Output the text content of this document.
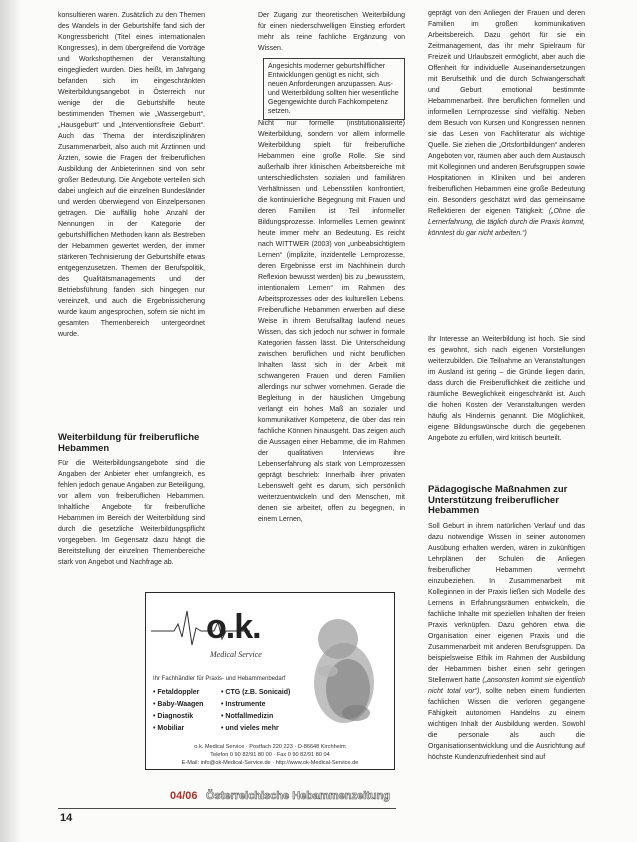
konsultieren waren. Zusätzlich zu den Themen des Wandels in der Geburtshilfe fand sich der Kongressbericht (Titel eines internationalen Kongresses), in dem übergreifend die Vorträge und Workshopthemen der Veranstaltung eingegliedert wurden. Dies heißt, im Jahrgang befanden sich im eingeschränkten Weiterbildungsangebot in Österreich nur wenige der die Geburtshilfe heute bestimmenden Themen wie „Wassergeburt“, „Hausgeburt“ und „Interventionsfreie Geburt“. Auch das Thema der interdisziplinären Zusammenarbeit, also auch mit Ärztinnen und Ärzten, sowie die Fragen der freiberuflichen Ausbildung der Anbieterinnen sind von sehr großer Bedeutung. Die Angebote verteilen sich dabei ungleich auf die einzelnen Bundesländer und werden überwiegend von Einzelpersonen getragen. Die auffällig hohe Anzahl der Nennungen in der Kategorie der geburtshilflichen Methoden kann als Bestreben der Hebammen gewertet werden, der immer stärkeren Technisierung der Geburtshilfe etwas entgegenzusetzen. Themen der Berufspolitik, des Qualitätsmanagements und der Betriebsführung fanden sich hingegen nur vereinzelt, und auch die Ergebnissicherung wurde kaum angesprochen, sofern sie nicht im gesamten Themenbereich untergeordnet wurde.

Weiterbildung für freiberufliche Hebammen

Für die Weiterbildungsangebote sind die Angaben der Anbieter eher umfangreich, es fehlen jedoch genaue Angaben zur Beteiligung, vor allem von freiberuflichen Hebammen. Inhaltliche Angebote für freiberufliche Hebammen im Bereich der Weiterbildung sind durch die gesetzliche Weiterbildungspflicht vorgegeben. Im Gegensatz dazu hängt die Bereitstellung der einzelnen Themenbereiche stark von Angebot und Nachfrage ab.

Der Zugang zur theoretischen Weiterbildung für einen niederschwelligen Einstieg erfordert mehr als reine fachliche Ergänzung von Wissen.

Angesichts moderner geburtshilflicher Entwicklungen genügt es nicht, sich neuen Anforderungen anzupassen. Aus- und Weiterbildung sollten hier wesentliche Gegengewichte durch Fachkompetenz setzen.

Nicht nur formelle (institutionalisierte) Weiterbildung, sondern vor allem informelle Weiterbildung spielt für freiberufliche Hebammen eine große Rolle. Sie sind außerhalb ihrer klinischen Arbeitsbereiche mit unterschiedlichsten sozialen und familiären Verhältnissen und Lebensstilen konfrontiert, die kontinuierliche Begegnung mit Frauen und deren Familien ist Teil informeller Bildungsprozesse. Informelles Lernen gewinnt heute immer mehr an Bedeutung. Es reicht nach WITTWER (2003) von „unbeabsichtigtem Lernen“ (implizite, inzidentelle Lernprozesse, deren Ergebnisse erst im Nachhinein durch Reflexion bewusst werden) bis zu „bewusstem, intentionalem Lernen“ im Rahmen des Arbeitsprozesses oder des kulturellen Lebens. Freiberufliche Hebammen erwerben auf diese Weise in ihrem Berufsalltag laufend neues Wissen, das sich jedoch nur schwer in formale Kategorien fassen lässt. Die Unterscheidung zwischen beruflichen und nicht beruflichen Inhalten lässt sich in der Arbeit mit schwangeren Frauen und deren Familien allerdings nur schwer vornehmen. Gerade die Begleitung in der häuslichen Umgebung verlangt ein hohes Maß an sozialer und kommunikativer Kompetenz, die über das rein fachliche Können hinausgeht. Das zeigen auch die Aussagen einer Hebamme, die im Rahmen der qualitativen Interviews ihre Lebenserfahrung als stark von Lernprozessen geprägt beschrieb: Innerhalb ihrer privaten Lebenswelt geht es darum, sich persönlich weiterzuentwickeln und den Menschen, mit denen sie arbeitet, offen zu begegnen, in einem Lernen,

geprägt von den Anliegen der Frauen und deren Familien im großen kommunikativen Arbeitsbereich. Dazu gehört für sie ein Zeitmanagement, das ihr mehr Spielraum für Freizeit und Urlaubszeit ermöglicht, aber auch die Offenheit für individuelle Auseinandersetzungen mit Berufsethik und die durch Schwangerschaft und Geburt emotional bestimmte Hebammenarbeit. Ihre beruflichen formellen und informellen Lernprozesse sind vielfältig. Neben dem Besuch von Kursen und Kongressen nennen sie das Lesen von Fachliteratur als wichtige Quelle. Sie ziehen die „Ortsfortbildungen“ anderen Angeboten vor, räumen aber auch dem Austausch mit Kolleginnen und anderen Berufsgruppen sowie Hospitationen in Kliniken und bei anderen freiberuflichen Hebammen eine große Bedeutung ein. Besonders geschätzt wird das gemeinsame Reflektieren der eigenen Tätigkeit: („Ohne die Lernerfahrung, die täglich durch die Praxis kommt, könntest du gar nicht arbeiten.“)

Ihr Interesse an Weiterbildung ist hoch. Sie sind es gewohnt, sich nach eigenen Vorstellungen weiterzubilden. Die Teilnahme an Veranstaltungen im Ausland ist gering – die Gründe liegen darin, dass durch die Freiberuflichkeit die zeitliche und räumliche Beweglichkeit eingeschränkt ist. Auch die hohen Kosten der Veranstaltungen werden häufig als Hindernis genannt. Die Möglichkeit, eigene Bildungswünsche durch die gegebenen Angebote zu erfüllen, wird kritisch beurteilt.

Pädagogische Maßnahmen zur Unterstützung freiberuflicher Hebammen

Soll Geburt in ihrem natürlichen Verlauf und das dazu notwendige Wissen in seiner autonomen Ausübung erhalten werden, wären in zukünftigen Lehrplänen der Schulen die Anliegen freiberuflicher Hebammen vermehrt einzubeziehen. In Zusammenarbeit mit Kolleginnen in der Praxis ließen sich Modelle des Lernens in Erfahrungsräumen entwickeln, die fachliche Inhalte mit speziellen Inhalten der freien Praxis verknüpfen. Dazu gehören etwa die Organisation einer eigenen Praxis und die Zusammenarbeit mit anderen Berufsgruppen. Da beispielsweise Ethik im Rahmen der Ausbildung der Hebammen bisher einen sehr geringen Stellenwert hatte („ansonsten kommt sie eigentlich nicht total vor“), sollte neben einem fundierten fachlichen Wissen die verloren gegangene Fähigkeit autonomen Handelns zu einem wichtigen Inhalt der Ausbildung werden. Sowohl die personale als auch die Organisationsentwicklung und die Ausrichtung auf höchste Kundenzufriedenheit sind auf

o.k.
Medical Service
Ihr Fachhändler für Praxis- und Hebammenbedarf
• Fetaldoppler	• CTG (z.B. Sonicaid)
• Baby-Waagen	• Instrumente
• Diagnostik	• Notfallmedizin
• Mobiliar	• und vieles mehr
o.k. Medical Service · Postfach 220 223 · D-86648 Kirchheim
Telefon 0 90 82/91 80 00 · Fax 0 90 82/91 80 04
E-Mail: info@ok-Medical-Service.de · http://www.ok-Medical-Service.de
04/06 Österreichische Hebammenzeitung
14
